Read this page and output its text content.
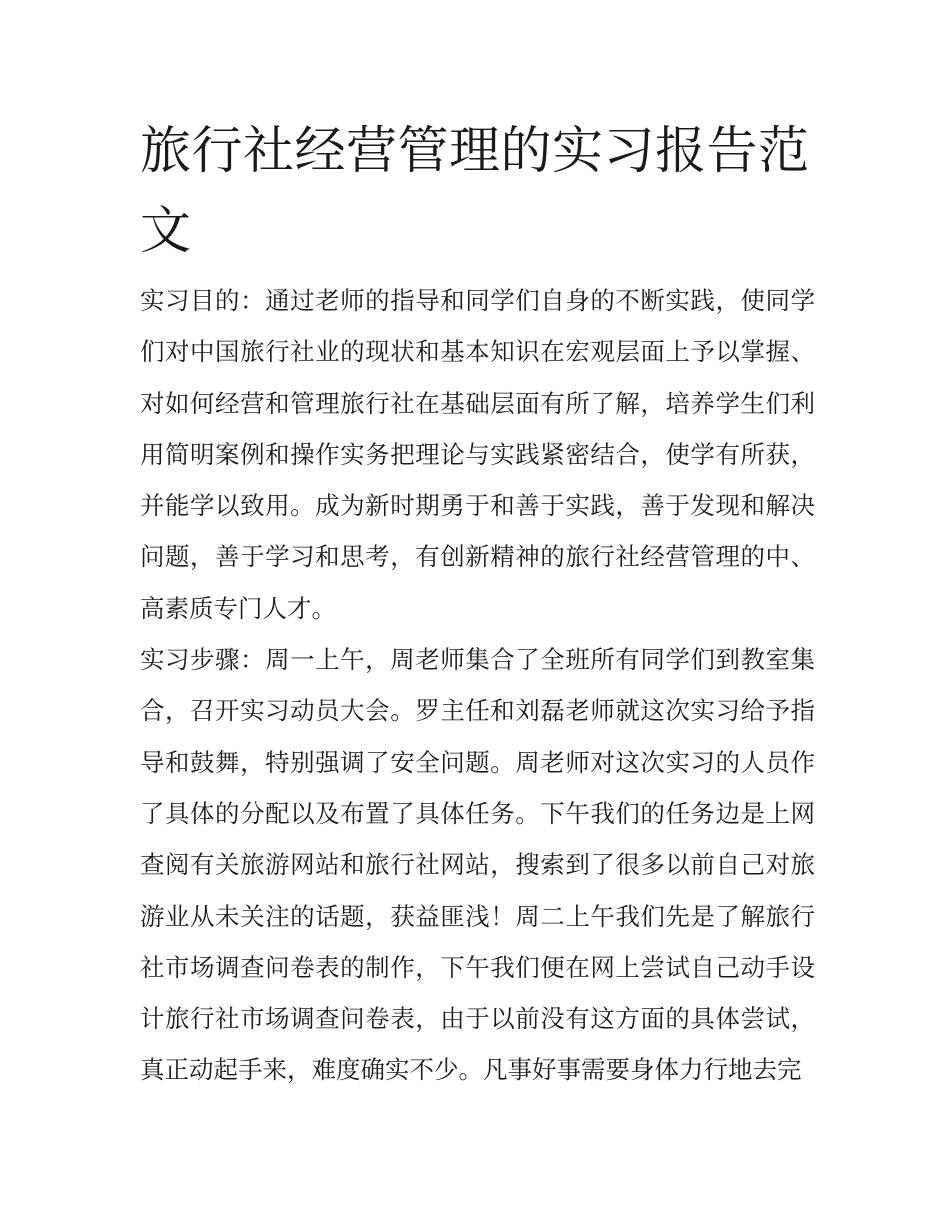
旅行社经营管理的实习报告范文

实习目的：通过老师的指导和同学们自身的不断实践，使同学们对中国旅行社业的现状和基本知识在宏观层面上予以掌握、对如何经营和管理旅行社在基础层面有所了解，培养学生们利用简明案例和操作实务把理论与实践紧密结合，使学有所获，并能学以致用。成为新时期勇于和善于实践，善于发现和解决问题，善于学习和思考，有创新精神的旅行社经营管理的中、高素质专门人才。

实习步骤：周一上午，周老师集合了全班所有同学们到教室集合，召开实习动员大会。罗主任和刘磊老师就这次实习给予指导和鼓舞，特别强调了安全问题。周老师对这次实习的人员作了具体的分配以及布置了具体任务。下午我们的任务边是上网查阅有关旅游网站和旅行社网站，搜索到了很多以前自己对旅游业从未关注的话题，获益匪浅！周二上午我们先是了解旅行社市场调查问卷表的制作，下午我们便在网上尝试自己动手设计旅行社市场调查问卷表，由于以前没有这方面的具体尝试，真正动起手来，难度确实不少。凡事好事需要身体力行地去完
